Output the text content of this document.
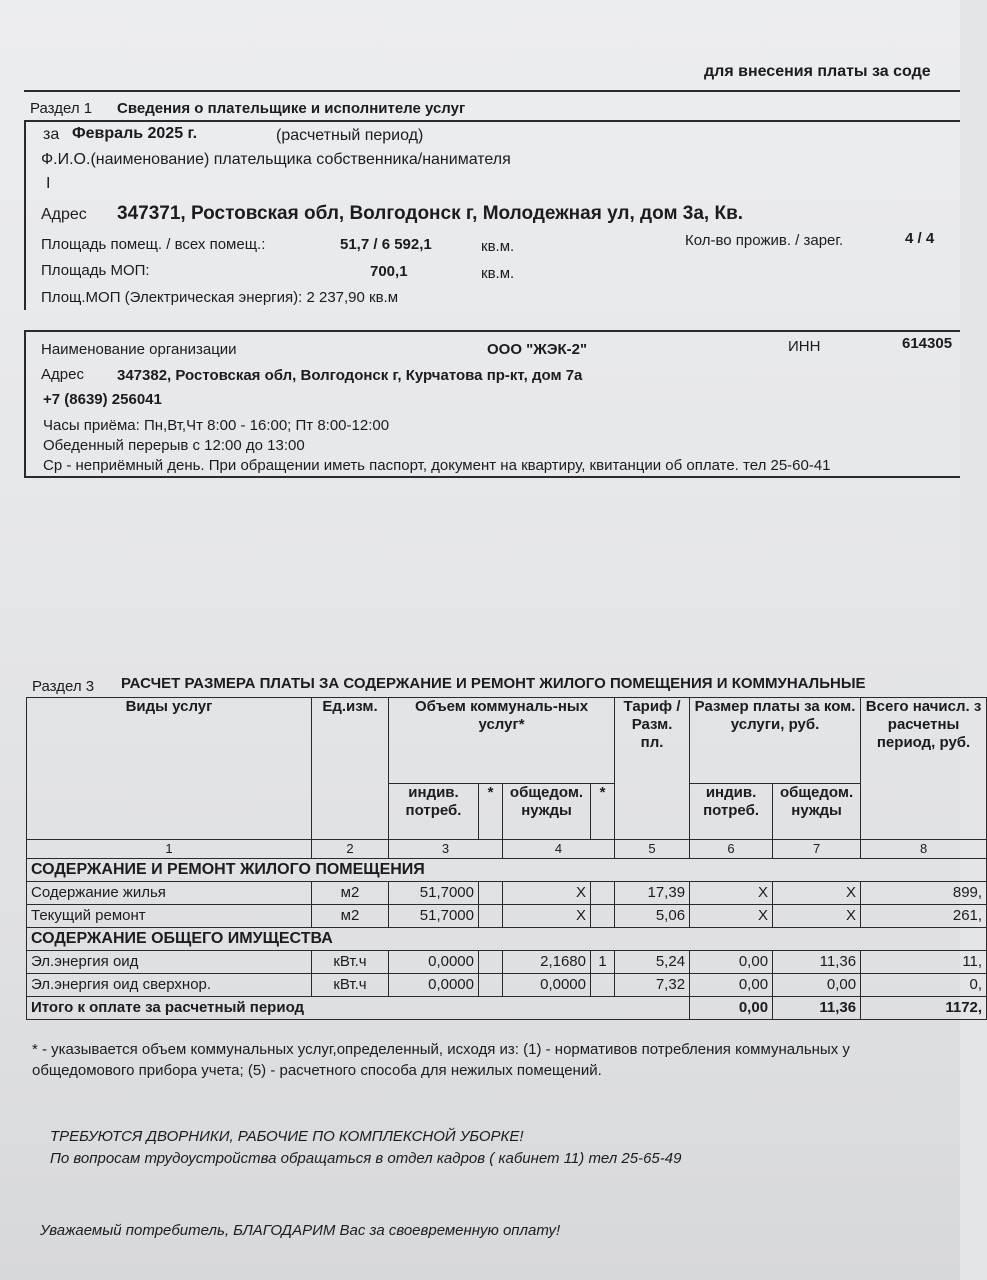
для внесения платы за соде
Раздел 1 Сведения о плательщике и исполнителе услуг
за Февраль 2025 г.	(расчетный период)
Ф.И.О.(наименование) плательщика собственника/нанимателя
I
Адрес 347371, Ростовская обл, Волгодонск г, Молодежная ул, дом 3а, Кв.
Площадь помещ. / всех помещ.:	51,7 / 6 592,1	кв.м.	Кол-во прожив. / зарег.	4 / 4
Площадь МОП:	700,1	кв.м.
Площ.МОП (Электрическая энергия): 2 237,90 кв.м
Наименование организации	ООО "ЖЭК-2"	ИНН	614305
Адрес 347382, Ростовская обл, Волгодонск г, Курчатова пр-кт, дом 7а
+7 (8639) 256041
Часы приёма: Пн,Вт,Чт 8:00 - 16:00; Пт 8:00-12:00
Обеденный перерыв с 12:00 до 13:00
Ср - неприёмный день. При обращении иметь паспорт, документ на квартиру, квитанции об оплате. тел 25-60-41
Раздел 3 РАСЧЕТ РАЗМЕРА ПЛАТЫ ЗА СОДЕРЖАНИЕ И РЕМОНТ ЖИЛОГО ПОМЕЩЕНИЯ И КОММУНАЛЬНЫЕ
Виды услуг	Ед.изм.	Объем коммуналь-ных услуг*				Тариф / Разм. пл.	Размер платы за ком. услуги, руб.		Всего начисл. з расчетны период, руб.
		индив. потреб.	*	общедом. нужды	*		индив. потреб.	общедом. нужды	
1	2	3		4		5	6	7	8
СОДЕРЖАНИЕ И РЕМОНТ ЖИЛОГО ПОМЕЩЕНИЯ									
Содержание жилья	м2	51,7000		Х		17,39	Х	Х	899,
Текущий ремонт	м2	51,7000		Х		5,06	Х	Х	261,
СОДЕРЖАНИЕ ОБЩЕГО ИМУЩЕСТВА									
Эл.энергия оид	кВт.ч	0,0000		2,1680	1	5,24	0,00	11,36	11,
Эл.энергия оид сверхнор.	кВт.ч	0,0000		0,0000		7,32	0,00	0,00	0,
Итого к оплате за расчетный период							0,00	11,36	1172,
* - указывается объем коммунальных услуг,определенный, исходя из: (1) - нормативов потребления коммунальных у
общедомового прибора учета; (5) - расчетного способа для нежилых помещений.
ТРЕБУЮТСЯ ДВОРНИКИ, РАБОЧИЕ ПО КОМПЛЕКСНОЙ УБОРКЕ!
По вопросам трудоустройства обращаться в отдел кадров ( кабинет 11) тел 25-65-49
Уважаемый потребитель, БЛАГОДАРИМ Вас за своевременную оплату!
